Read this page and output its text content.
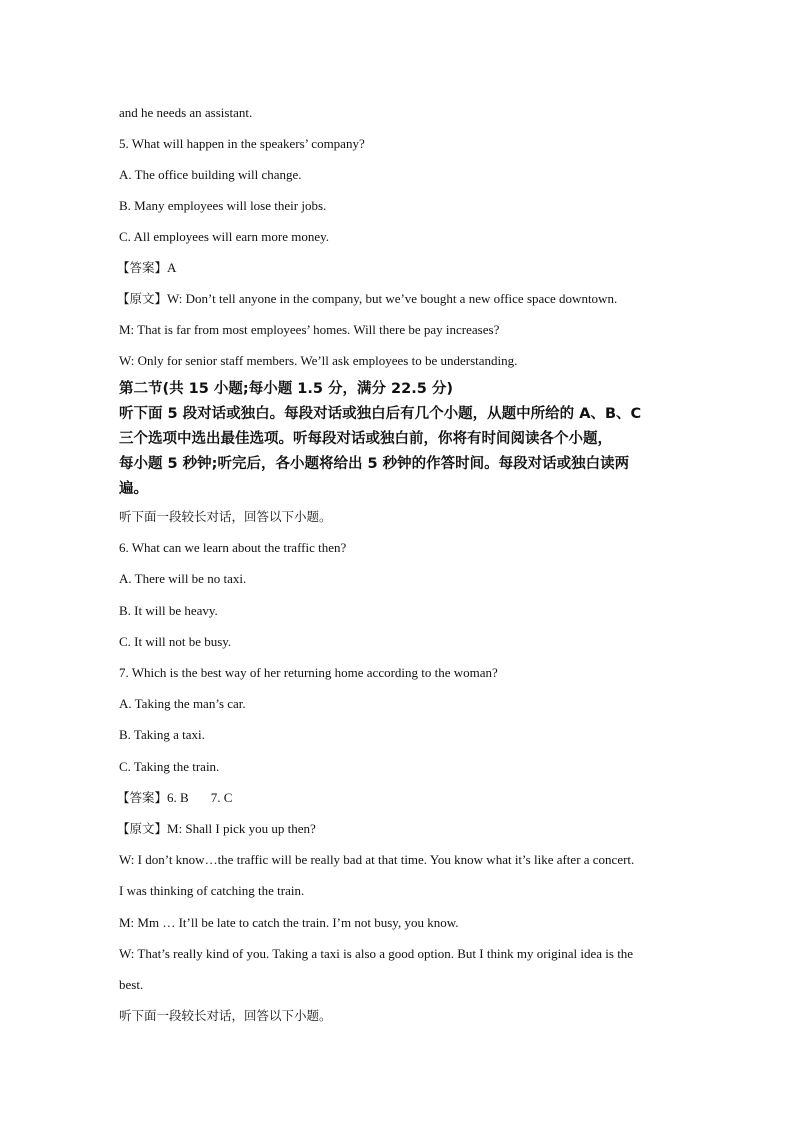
and he needs an assistant.
5. What will happen in the speakers’ company?
A. The office building will change.
B. Many employees will lose their jobs.
C. All employees will earn more money.
【答案】A
【原文】W: Don’t tell anyone in the company, but we’ve bought a new office space downtown.
M: That is far from most employees’ homes. Will there be pay increases?
W: Only for senior staff members. We’ll ask employees to be understanding.
第二节(共 15 小题;每小题 1.5 分，满分 22.5 分)
听下面 5 段对话或独白。每段对话或独白后有几个小题，从题中所给的 A、B、C
三个选项中选出最佳选项。听每段对话或独白前，你将有时间阅读各个小题，
每小题 5 秒钟;听完后，各小题将给出 5 秒钟的作答时间。每段对话或独白读两
遍。
听下面一段较长对话，回答以下小题。
6. What can we learn about the traffic then?
A. There will be no taxi.
B. It will be heavy.
C. It will not be busy.
7. Which is the best way of her returning home according to the woman?
A. Taking the man’s car.
B. Taking a taxi.
C. Taking the train.
【答案】6. B 7. C
【原文】M: Shall I pick you up then?
W: I don’t know…the traffic will be really bad at that time. You know what it’s like after a concert.
I was thinking of catching the train.
M: Mm … It’ll be late to catch the train. I’m not busy, you know.
W: That’s really kind of you. Taking a taxi is also a good option. But I think my original idea is the
best.
听下面一段较长对话，回答以下小题。
